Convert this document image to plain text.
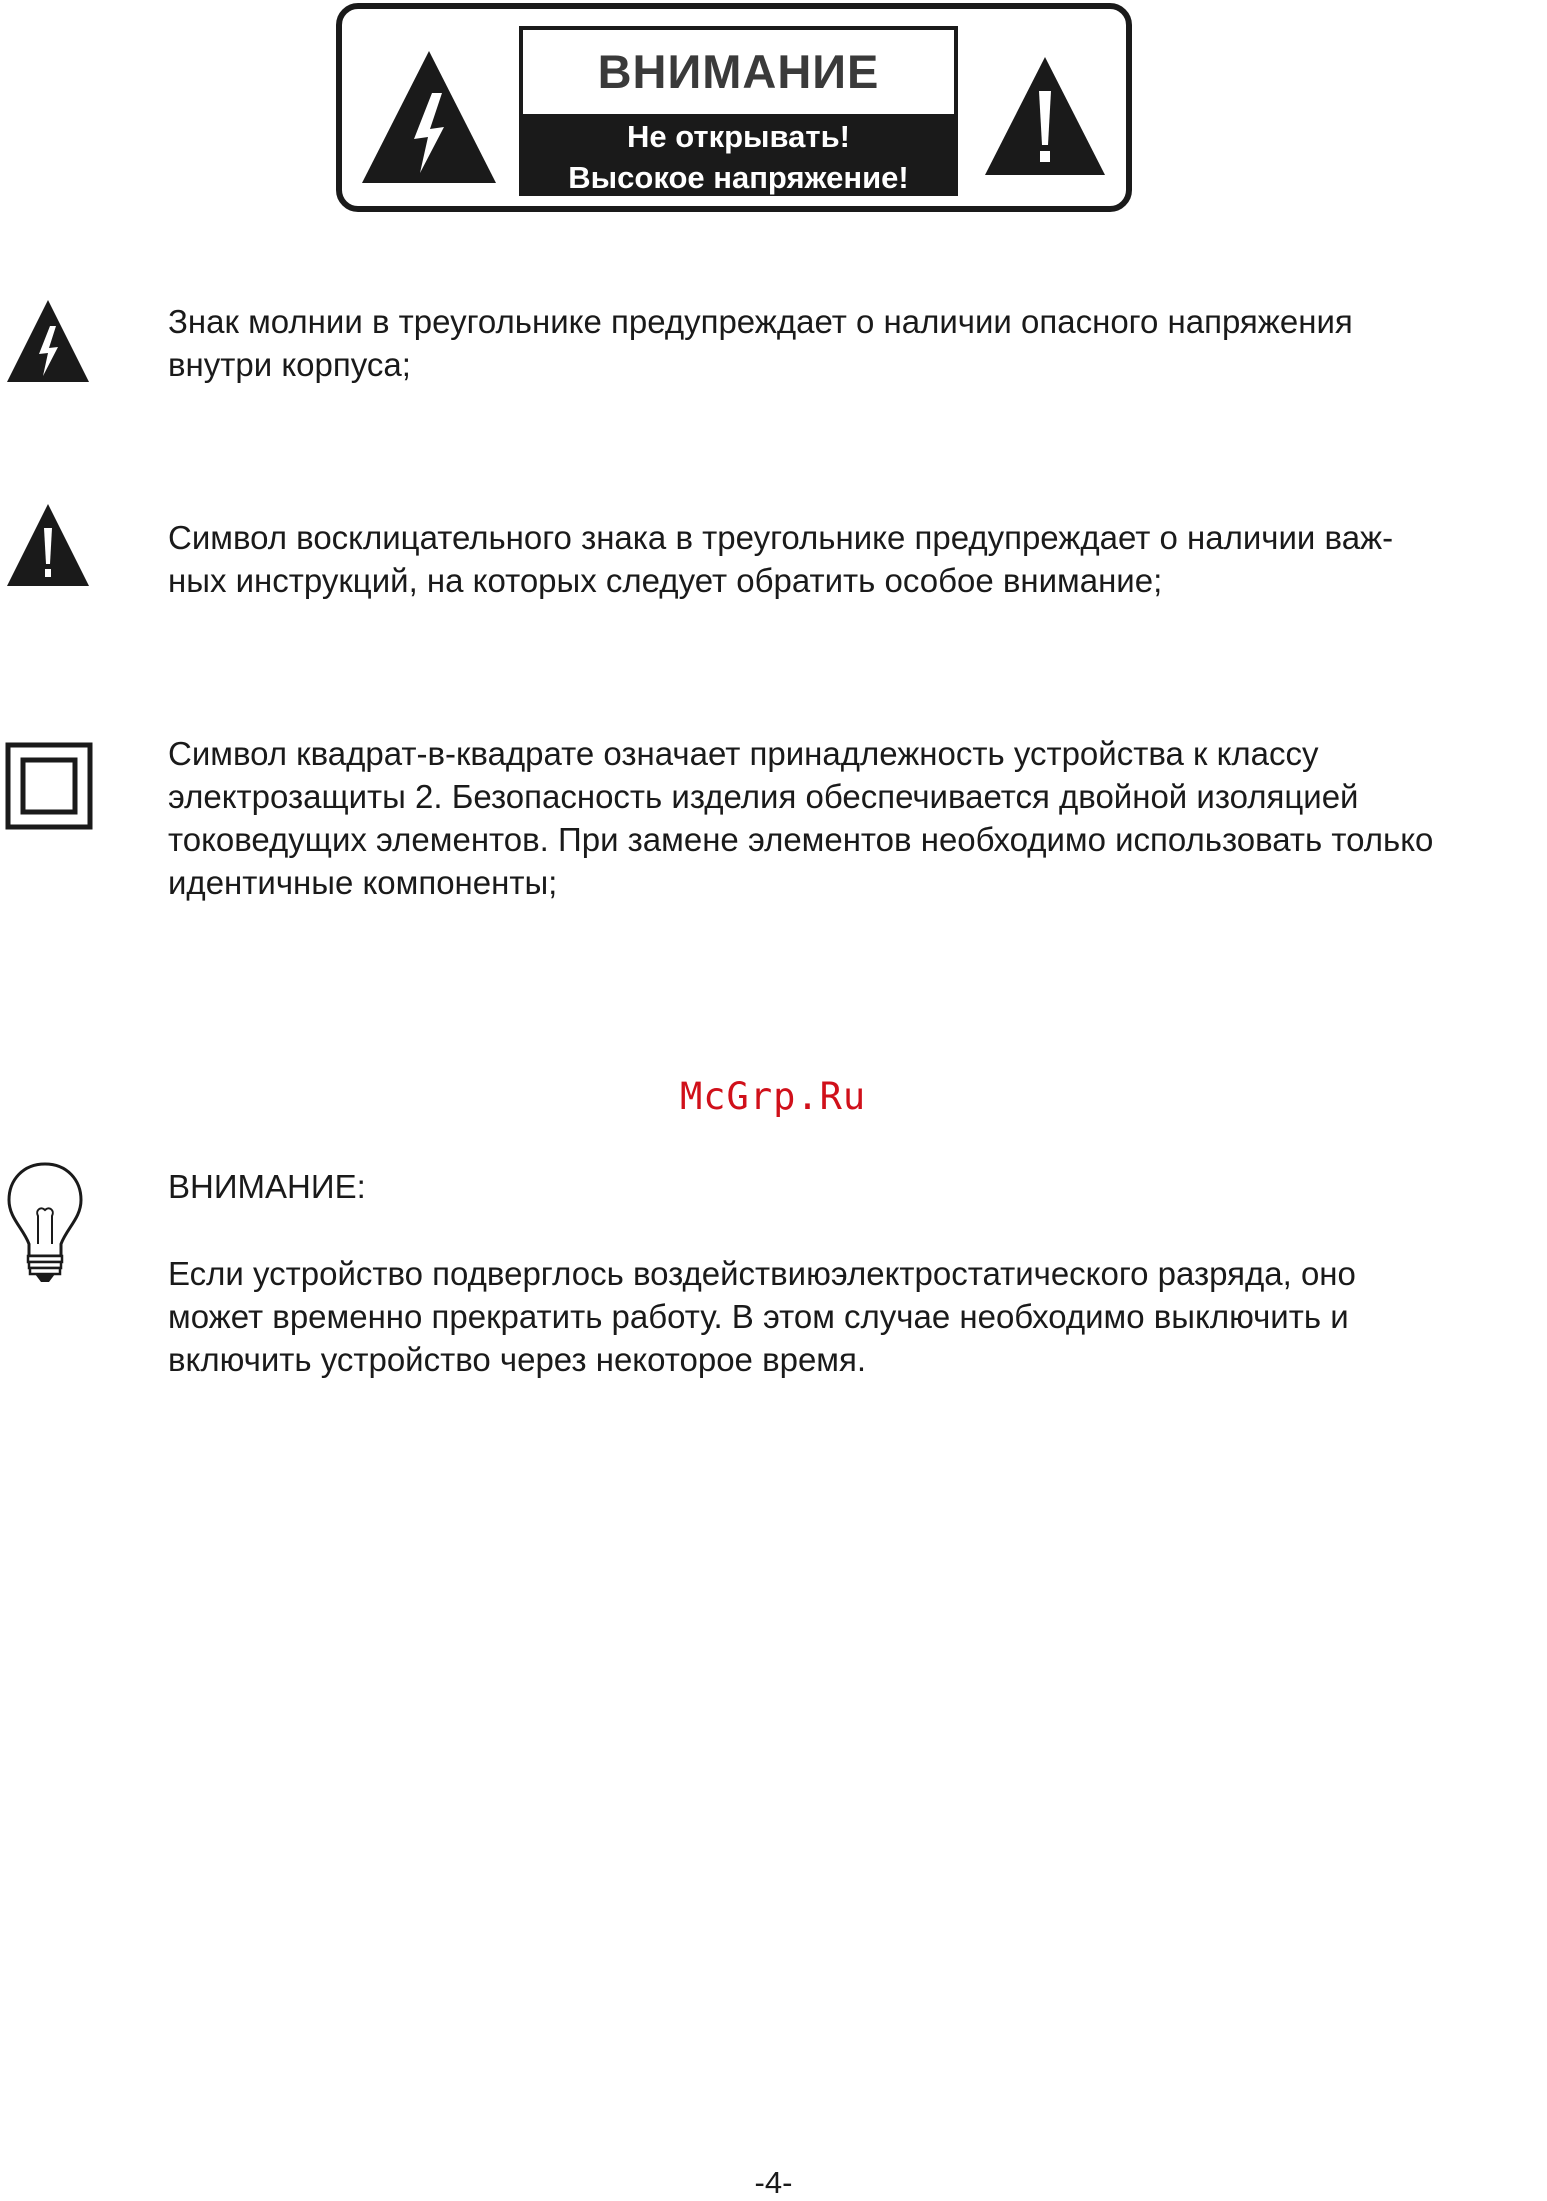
ВНИМАНИЕ
Не открывать!
Высокое напряжение!
Знак молнии в треугольнике предупреждает о наличии опасного напряжения
внутри корпуса;
Символ восклицательного знака в треугольнике предупреждает о наличии важ-
ных инструкций, на которых следует обратить особое внимание;
Символ квадрат-в-квадрате означает принадлежность устройства к классу
электрозащиты 2. Безопасность изделия обеспечивается двойной изоляцией
токоведущих элементов. При замене элементов необходимо использовать только
идентичные компоненты;
McGrp.Ru
ВНИМАНИЕ:
Если устройство подверглось воздействиюэлектростатического разряда, оно
может временно прекратить работу. В этом случае необходимо выключить и
включить устройство через некоторое время.
-4-
